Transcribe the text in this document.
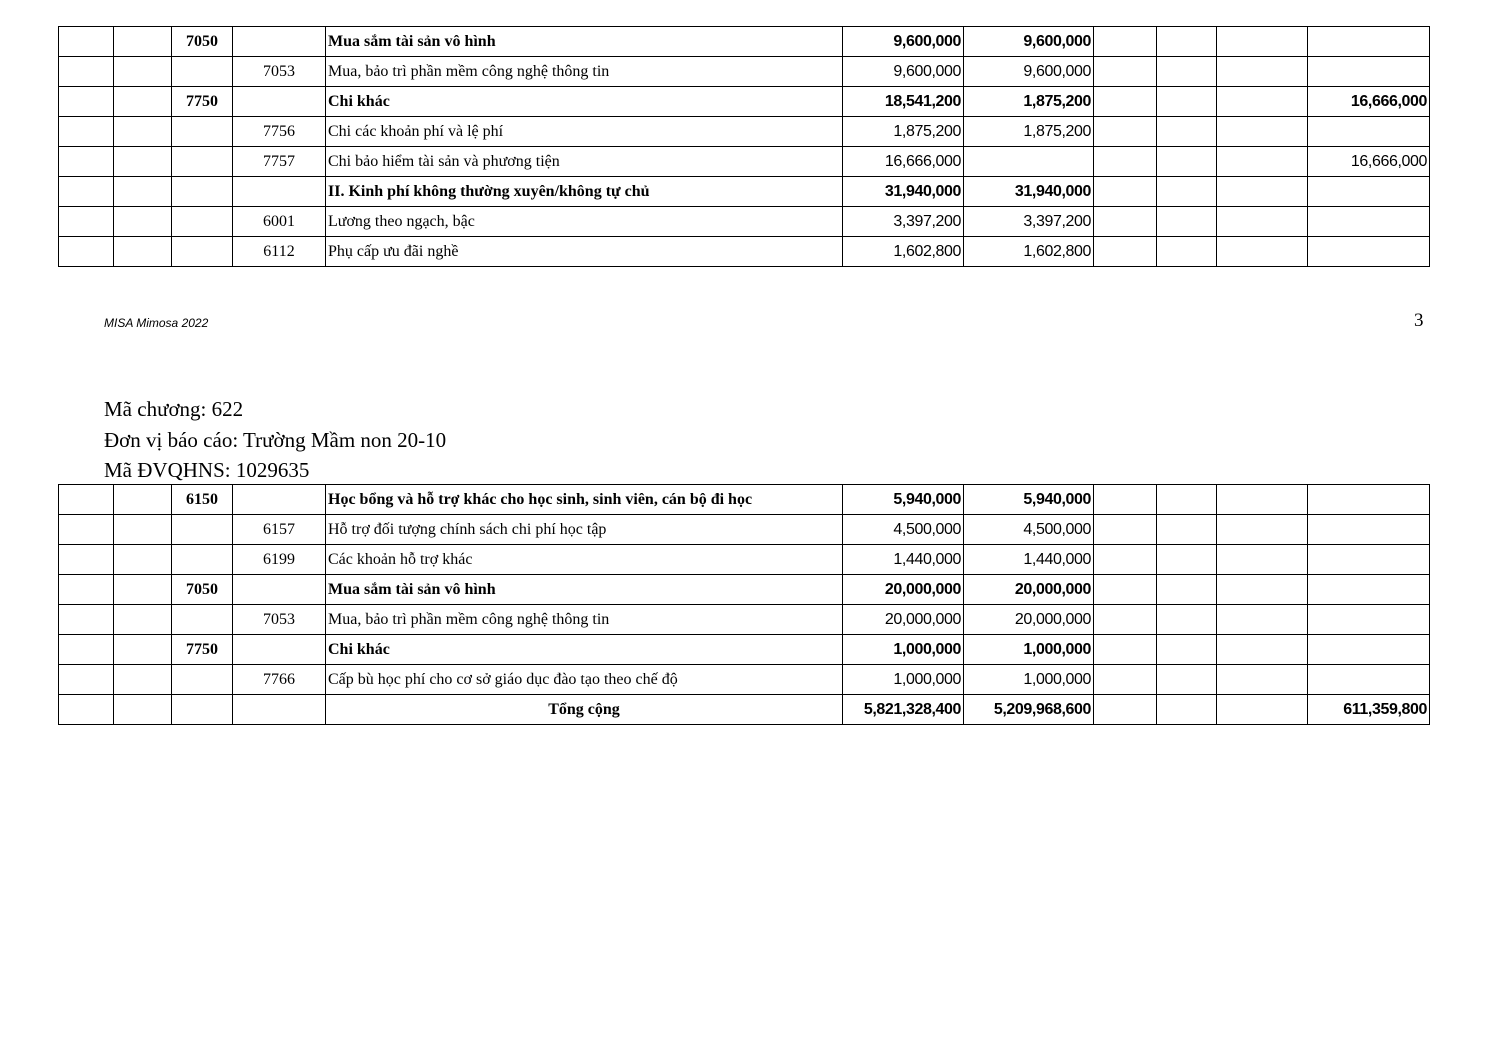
		7050		Mua sắm tài sản vô hình	9,600,000	9,600,000				
			7053	Mua, bảo trì phần mềm công nghệ thông tin	9,600,000	9,600,000				
		7750		Chi khác	18,541,200	1,875,200				16,666,000
			7756	Chi các khoản phí và lệ phí	1,875,200	1,875,200				
			7757	Chi bảo hiểm tài sản và phương tiện	16,666,000					16,666,000
				II. Kinh phí không thường xuyên/không tự chủ	31,940,000	31,940,000				
			6001	Lương theo ngạch, bậc	3,397,200	3,397,200				
			6112	Phụ cấp ưu đãi nghề	1,602,800	1,602,800				
MISA Mimosa 2022	3
Mã chương: 622
Đơn vị báo cáo: Trường Mầm non 20-10
Mã ĐVQHNS: 1029635
		6150		Học bổng và hỗ trợ khác cho học sinh, sinh viên, cán bộ đi học	5,940,000	5,940,000				
			6157	Hỗ trợ đối tượng chính sách chi phí học tập	4,500,000	4,500,000				
			6199	Các khoản hỗ trợ khác	1,440,000	1,440,000				
		7050		Mua sắm tài sản vô hình	20,000,000	20,000,000				
			7053	Mua, bảo trì phần mềm công nghệ thông tin	20,000,000	20,000,000				
		7750		Chi khác	1,000,000	1,000,000				
			7766	Cấp bù học phí cho cơ sở giáo dục đào tạo theo chế độ	1,000,000	1,000,000				
				Tổng cộng	5,821,328,400	5,209,968,600				611,359,800
